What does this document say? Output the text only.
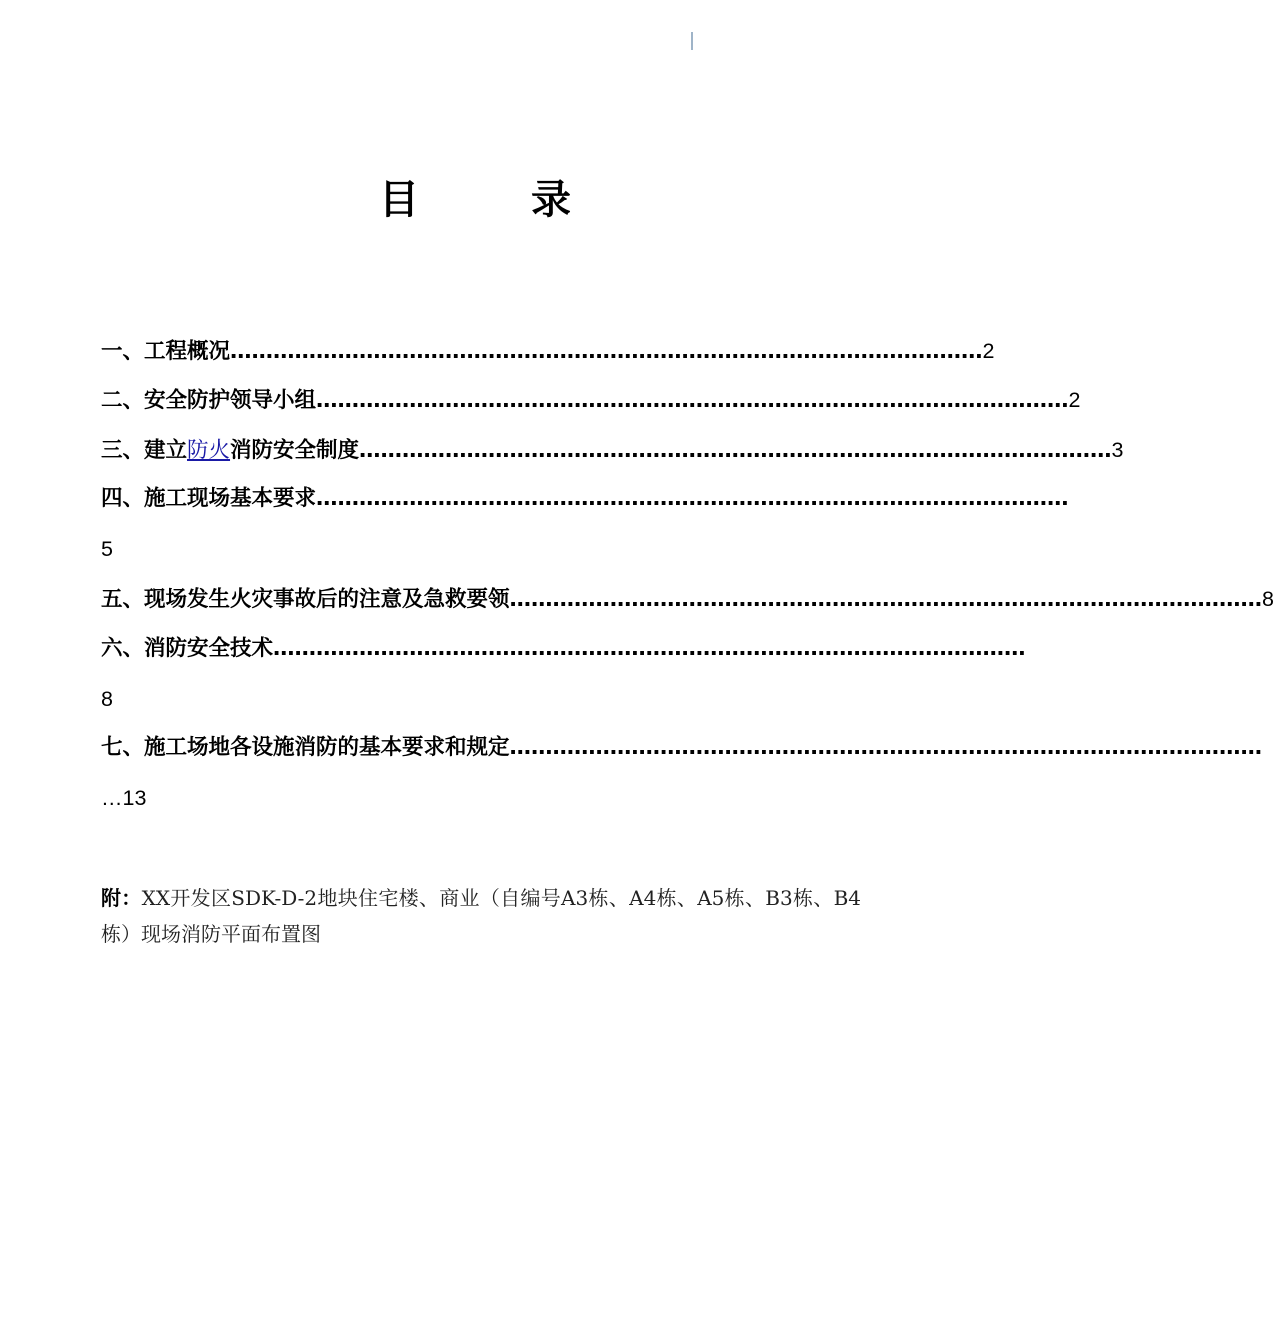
目　录
一、工程概况 …………………………………………………………………………………………… 2
二、安全防护领导小组 …………………………………………………………………………………………… 2
三、建立防火消防安全制度 …………………………………………………………………………………………… 3
四、施工现场基本要求 ……………………………………………………………………………………………
5
五、现场发生火灾事故后的注意及急救要领 …………………………………………………………………………………………… 8
六、消防安全技术 ……………………………………………………………………………………………
8
七、施工场地各设施消防的基本要求和规定 ……………………………………………………………………………………………
…13
附：XX开发区SDK-D-2地块住宅楼、商业（自编号A3栋、A4栋、A5栋、B3栋、B4栋）现场消防平面布置图
